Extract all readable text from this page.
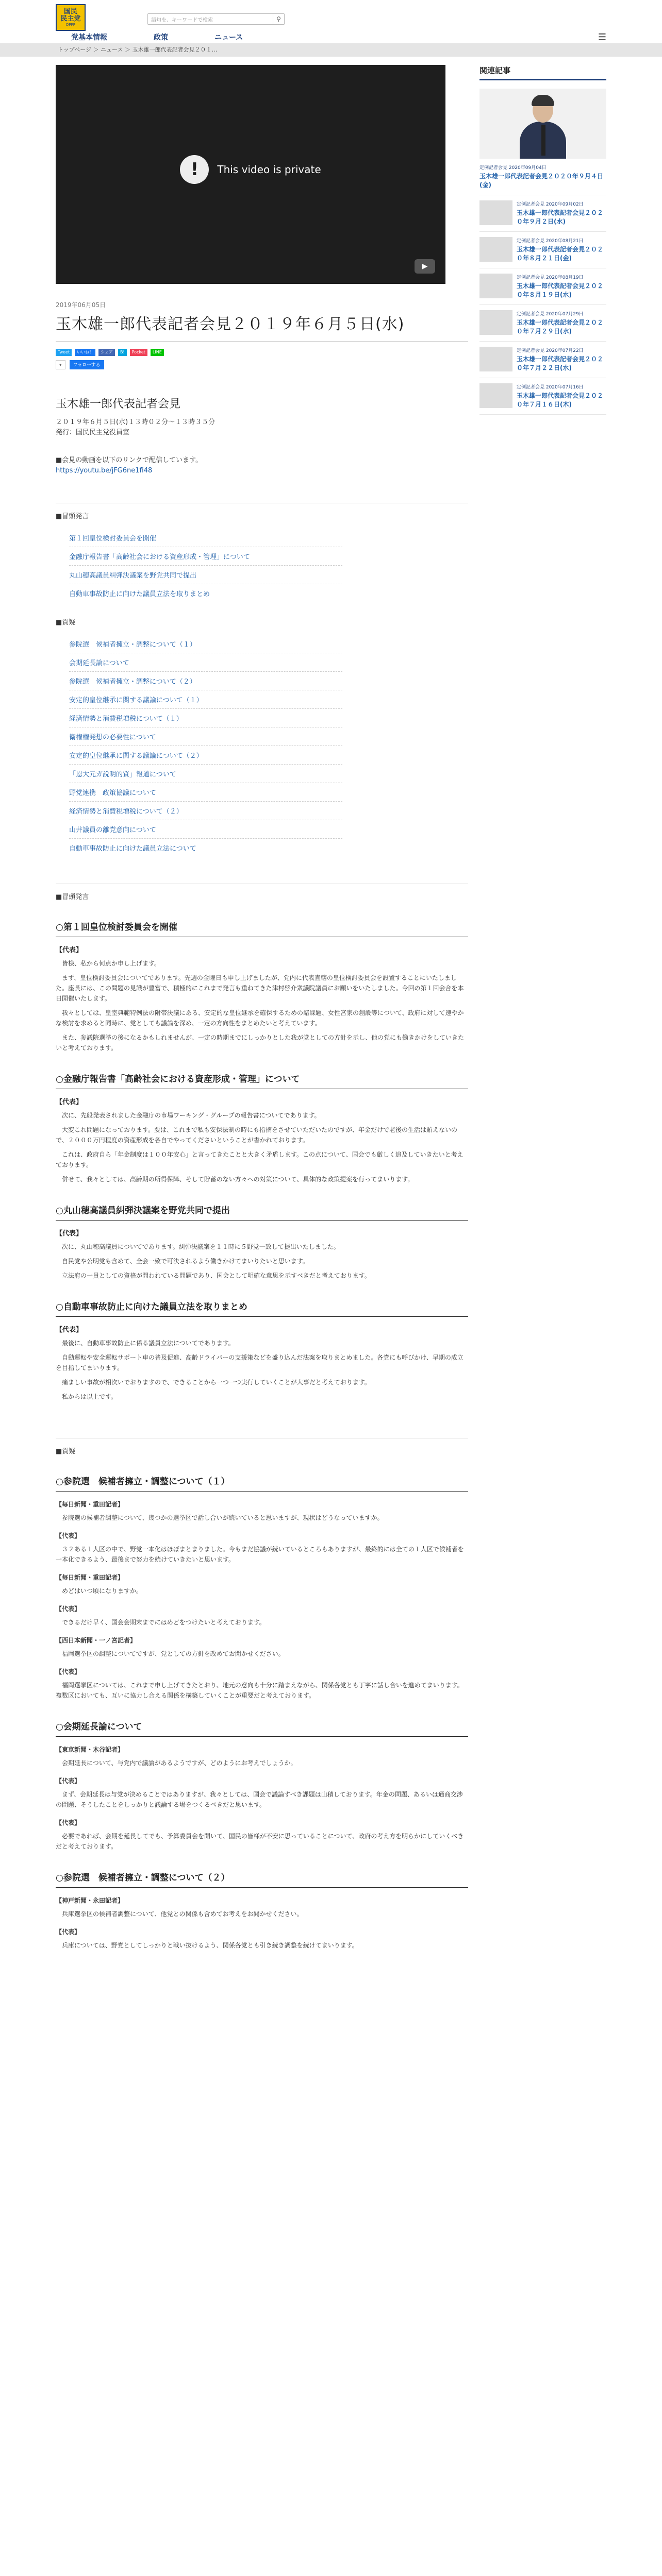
国民
民主党
DPFP
語句を、キーワードで検索	⚲
党基本情報	政策	ニュース	☰
トップページ ＞ ニュース ＞ 玉木雄一郎代表記者会見２０１…
!	This video is private
▶
2019年06月05日
玉木雄一郎代表記者会見２０１９年６月５日(水)
Tweet	いいね！	シェア	B!	Pocket	LINE
▾	フォローする
玉木雄一郎代表記者会見
２０１９年６月５日(水)１３時０２分～１３時３５分
発行：国民民主党役員室
■会見の動画を以下のリンクで配信しています。
https://youtu.be/jFG6ne1fi48
■冒頭発言
第１回皇位検討委員会を開催
金融庁報告書「高齢社会における資産形成・管理」について
丸山穂高議員糾弾決議案を野党共同で提出
自動車事故防止に向けた議員立法を取りまとめ
■質疑
参院選　候補者擁立・調整について（１）
会期延長論について
参院選　候補者擁立・調整について（２）
安定的皇位継承に関する議論について（１）
経済情勢と消費税増税について（１）
衛権権発想の必要性について
安定的皇位継承に関する議論について（２）
「恩大元ガ説明的質」報道について
野党連携　政策協議について
経済情勢と消費税増税について（２）
山井議員の離党意向について
自動車事故防止に向けた議員立法について
■冒頭発言
○第１回皇位検討委員会を開催
【代表】

皆様、私から何点か申し上げます。

まず、皇位検討委員会についてであります。先週の金曜日も申し上げましたが、党内に代表直轄の皇位検討委員会を設置することにいたしました。座長には、この問題の見識が豊富で、積極的にこれまで発言も重ねてきた津村啓介衆議院議員にお願いをいたしました。今回の第１回会合を本日開催いたします。

我々としては、皇室典範特例法の附帯決議にある、安定的な皇位継承を確保するための諸課題、女性宮家の創設等について、政府に対して速やかな検討を求めると同時に、党としても議論を深め、一定の方向性をまとめたいと考えています。

また、参議院選挙の後になるかもしれませんが、一定の時期までにしっかりとした我が党としての方針を示し、他の党にも働きかけをしていきたいと考えております。

○金融庁報告書「高齢社会における資産形成・管理」について
【代表】

次に、先般発表されました金融庁の市場ワーキング・グループの報告書についてであります。

大変これ問題になっております。要は、これまで私も安保法制の時にも指摘をさせていただいたのですが、年金だけで老後の生活は賄えないので、２０００万円程度の資産形成を各自でやってくださいということが書かれております。

これは、政府自ら「年金制度は１００年安心」と言ってきたことと大きく矛盾します。この点について、国会でも厳しく追及していきたいと考えております。

併せて、我々としては、高齢期の所得保障、そして貯蓄のない方々への対策について、具体的な政策提案を行ってまいります。

○丸山穂高議員糾弾決議案を野党共同で提出
【代表】

次に、丸山穂高議員についてであります。糾弾決議案を１１時に５野党一致して提出いたしました。

自民党や公明党も含めて、全会一致で可決されるよう働きかけてまいりたいと思います。

立法府の一員としての資格が問われている問題であり、国会として明確な意思を示すべきだと考えております。

○自動車事故防止に向けた議員立法を取りまとめ
【代表】

最後に、自動車事故防止に係る議員立法についてであります。

自動運転や安全運転サポート車の普及促進、高齢ドライバーの支援策などを盛り込んだ法案を取りまとめました。各党にも呼びかけ、早期の成立を目指してまいります。

痛ましい事故が相次いでおりますので、できることから一つ一つ実行していくことが大事だと考えております。

私からは以上です。

■質疑
○参院選　候補者擁立・調整について（１）
【毎日新聞・重田記者】

参院選の候補者調整について、幾つかの選挙区で話し合いが続いていると思いますが、現状はどうなっていますか。

【代表】

３２ある１人区の中で、野党一本化はほぼまとまりました。今もまだ協議が続いているところもありますが、最終的には全ての１人区で候補者を一本化できるよう、最後まで努力を続けていきたいと思います。

【毎日新聞・重田記者】

めどはいつ頃になりますか。

【代表】

できるだけ早く、国会会期末までにはめどをつけたいと考えております。

【西日本新聞・一ノ宮記者】

福岡選挙区の調整についてですが、党としての方針を改めてお聞かせください。

【代表】

福岡選挙区については、これまで申し上げてきたとおり、地元の意向も十分に踏まえながら、関係各党とも丁寧に話し合いを進めてまいります。複数区においても、互いに協力し合える関係を構築していくことが重要だと考えております。

○会期延長論について
【東京新聞・木谷記者】

会期延長について、与党内で議論があるようですが、どのようにお考えでしょうか。

【代表】

まず、会期延長は与党が決めることではありますが、我々としては、国会で議論すべき課題は山積しております。年金の問題、あるいは通商交渉の問題、そうしたことをしっかりと議論する場をつくるべきだと思います。

【代表】

必要であれば、会期を延長してでも、予算委員会を開いて、国民の皆様が不安に思っていることについて、政府の考え方を明らかにしていくべきだと考えております。

○参院選　候補者擁立・調整について（２）
【神戸新聞・永田記者】

兵庫選挙区の候補者調整について、他党との関係も含めてお考えをお聞かせください。

【代表】

兵庫については、野党としてしっかりと戦い抜けるよう、関係各党とも引き続き調整を続けてまいります。

関連記事
定例記者会見 2020年09月04日
玉木雄一郎代表記者会見２０２０年９月４日(金)
定例記者会見 2020年09月02日
玉木雄一郎代表記者会見２０２０年９月２日(水)
定例記者会見 2020年08月21日
玉木雄一郎代表記者会見２０２０年８月２１日(金)
定例記者会見 2020年08月19日
玉木雄一郎代表記者会見２０２０年８月１９日(水)
定例記者会見 2020年07月29日
玉木雄一郎代表記者会見２０２０年７月２９日(水)
定例記者会見 2020年07月22日
玉木雄一郎代表記者会見２０２０年７月２２日(水)
定例記者会見 2020年07月16日
玉木雄一郎代表記者会見２０２０年７月１６日(木)
